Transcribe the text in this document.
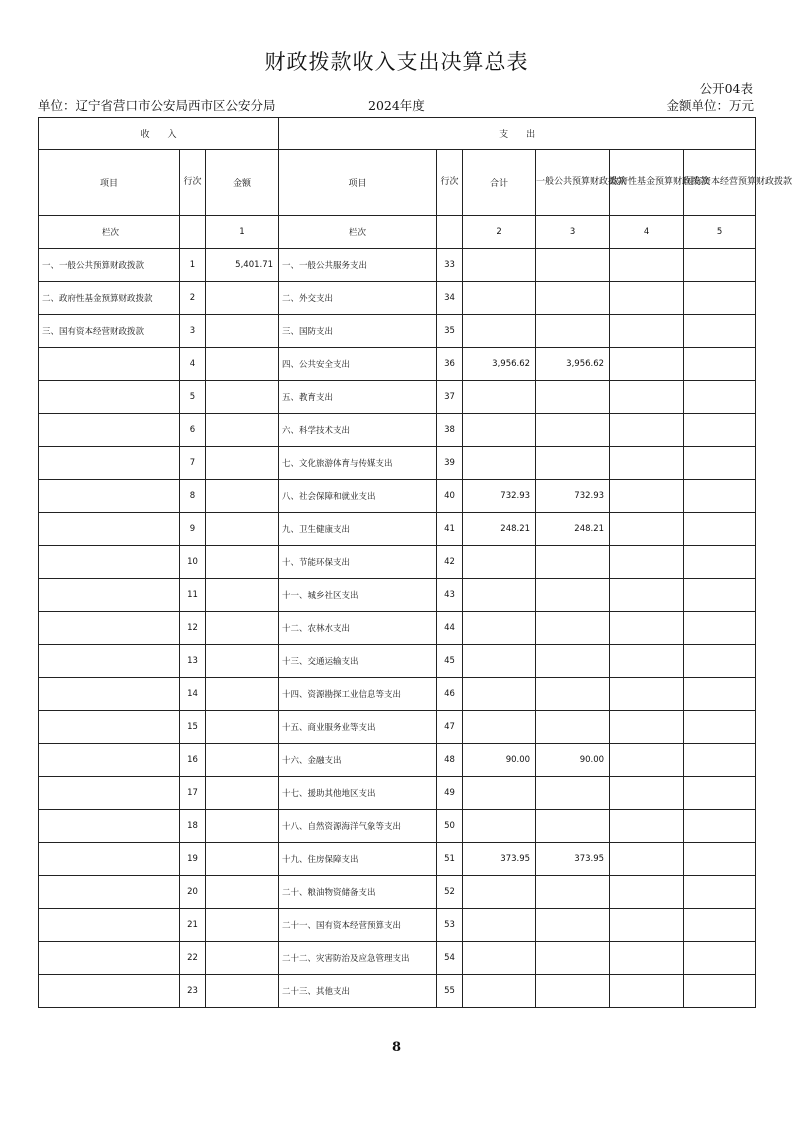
财政拨款收入支出决算总表
公开04表
单位：辽宁省营口市公安局西市区公安分局	2024年度	金额单位：万元
收　　入			支　　出					
项目	行次	金额	项目	行次	合计	一般公共预算财政拨款	政府性基金预算财政拨款	国有资本经营预算财政拨款
栏次		1	栏次		2	3	4	5
一、一般公共预算财政拨款	1	5,401.71	一、一般公共服务支出	33				
二、政府性基金预算财政拨款	2		二、外交支出	34				
三、国有资本经营财政拨款	3		三、国防支出	35				
	4		四、公共安全支出	36	3,956.62	3,956.62		
	5		五、教育支出	37				
	6		六、科学技术支出	38				
	7		七、文化旅游体育与传媒支出	39				
	8		八、社会保障和就业支出	40	732.93	732.93		
	9		九、卫生健康支出	41	248.21	248.21		
	10		十、节能环保支出	42				
	11		十一、城乡社区支出	43				
	12		十二、农林水支出	44				
	13		十三、交通运输支出	45				
	14		十四、资源勘探工业信息等支出	46				
	15		十五、商业服务业等支出	47				
	16		十六、金融支出	48	90.00	90.00		
	17		十七、援助其他地区支出	49				
	18		十八、自然资源海洋气象等支出	50				
	19		十九、住房保障支出	51	373.95	373.95		
	20		二十、粮油物资储备支出	52				
	21		二十一、国有资本经营预算支出	53				
	22		二十二、灾害防治及应急管理支出	54				
	23		二十三、其他支出	55				
8
